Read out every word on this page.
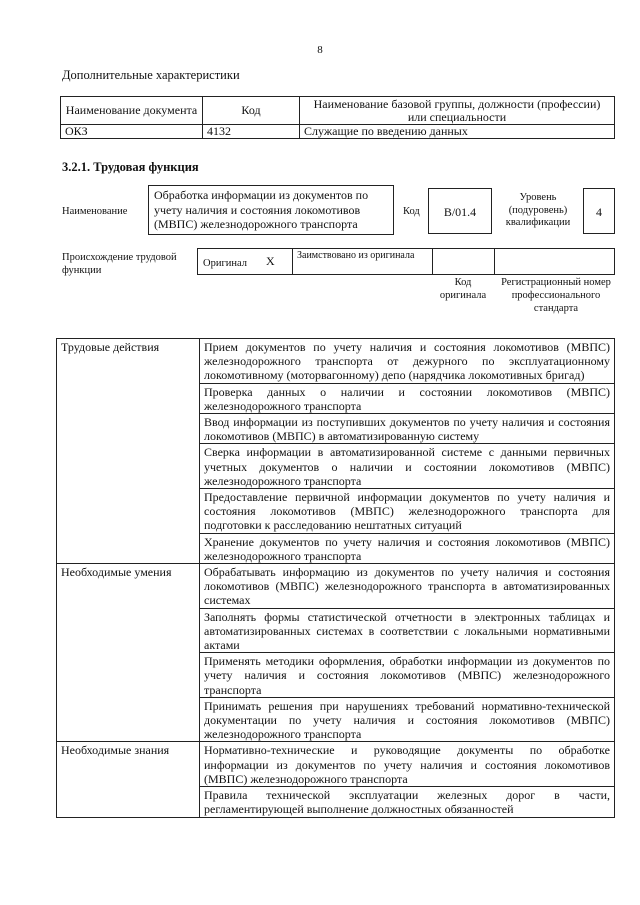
8
Дополнительные характеристики
Наименование документа	Код	Наименование базовой группы, должности (профессии) или специальности
ОКЗ	4132	Служащие по введению данных
3.2.1. Трудовая функция
Наименование
Обработка информации из документов по учету наличия и состояния локомотивов (МВПС) железнодорожного транспорта
Код	B/01.4
Уровень (подуровень) квалификации
4
Происхождение трудовой функции
Оригинал X Заимствовано из оригинала
Код оригинала
Регистрационный номер профессионального стандарта
Трудовые действия	Прием документов по учету наличия и состояния локомотивов (МВПС) железнодорожного транспорта от дежурного по эксплуатационному локомотивному (моторвагонному) депо (нарядчика локомотивных бригад)
	Проверка данных о наличии и состоянии локомотивов (МВПС) железнодорожного транспорта
	Ввод информации из поступивших документов по учету наличия и состояния локомотивов (МВПС) в автоматизированную систему
	Сверка информации в автоматизированной системе с данными первичных учетных документов о наличии и состоянии локомотивов (МВПС) железнодорожного транспорта
	Предоставление первичной информации документов по учету наличия и состояния локомотивов (МВПС) железнодорожного транспорта для подготовки к расследованию нештатных ситуаций
	Хранение документов по учету наличия и состояния локомотивов (МВПС) железнодорожного транспорта
Необходимые умения	Обрабатывать информацию из документов по учету наличия и состояния локомотивов (МВПС) железнодорожного транспорта в автоматизированных системах
	Заполнять формы статистической отчетности в электронных таблицах и автоматизированных системах в соответствии с локальными нормативными актами
	Применять методики оформления, обработки информации из документов по учету наличия и состояния локомотивов (МВПС) железнодорожного транспорта
	Принимать решения при нарушениях требований нормативно-технической документации по учету наличия и состояния локомотивов (МВПС) железнодорожного транспорта
Необходимые знания	Нормативно-технические и руководящие документы по обработке информации из документов по учету наличия и состояния локомотивов (МВПС) железнодорожного транспорта
	Правила технической эксплуатации железных дорог в части, регламентирующей выполнение должностных обязанностей
